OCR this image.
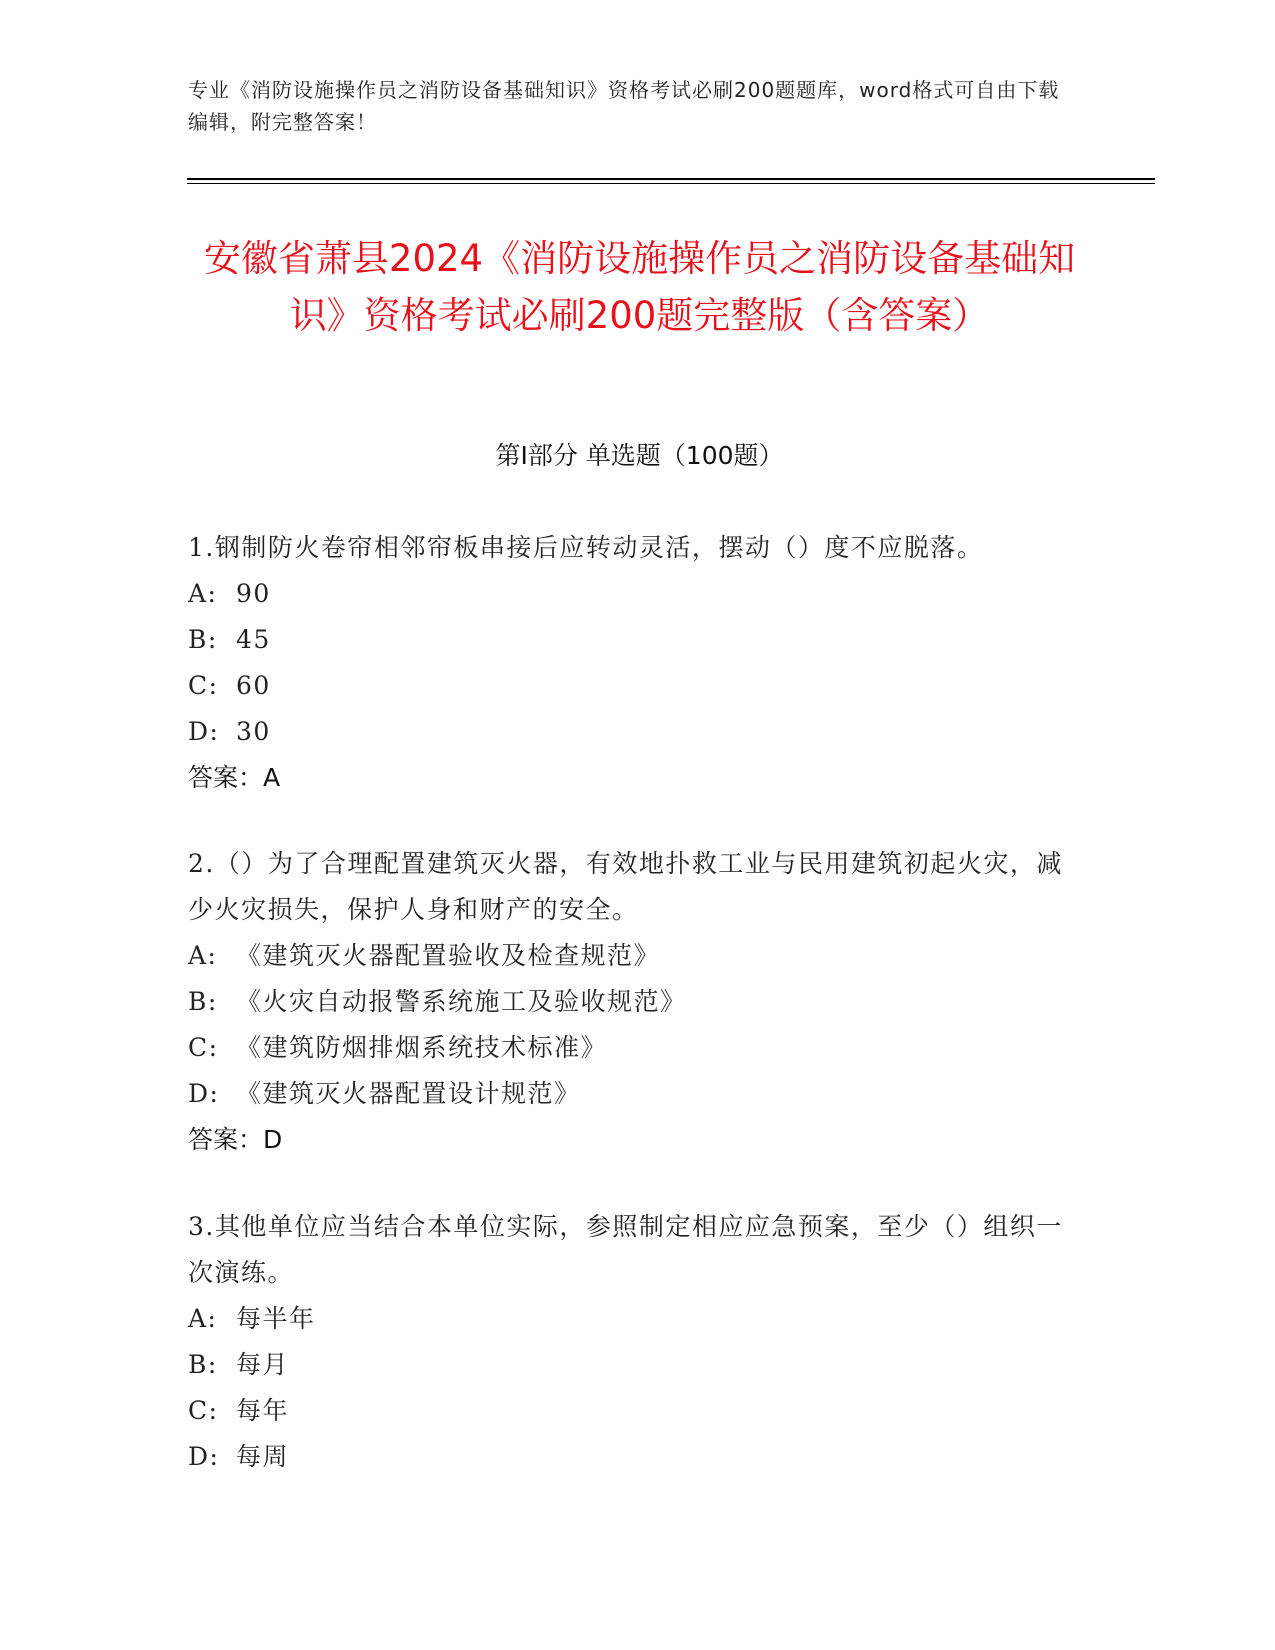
专业《消防设施操作员之消防设备基础知识》资格考试必刷200题题库，word格式可自由下载编辑，附完整答案！
安徽省萧县2024《消防设施操作员之消防设备基础知识》资格考试必刷200题完整版（含答案）
第Ⅰ部分 单选题（100题）
1.钢制防火卷帘相邻帘板串接后应转动灵活，摆动（）度不应脱落。
A: 90
B: 45
C: 60
D: 30
答案：A
2.（）为了合理配置建筑灭火器，有效地扑救工业与民用建筑初起火灾，减少火灾损失，保护人身和财产的安全。
A: 《建筑灭火器配置验收及检查规范》
B: 《火灾自动报警系统施工及验收规范》
C: 《建筑防烟排烟系统技术标准》
D: 《建筑灭火器配置设计规范》
答案：D
3.其他单位应当结合本单位实际，参照制定相应应急预案，至少（）组织一次演练。
A: 每半年
B: 每月
C: 每年
D: 每周
